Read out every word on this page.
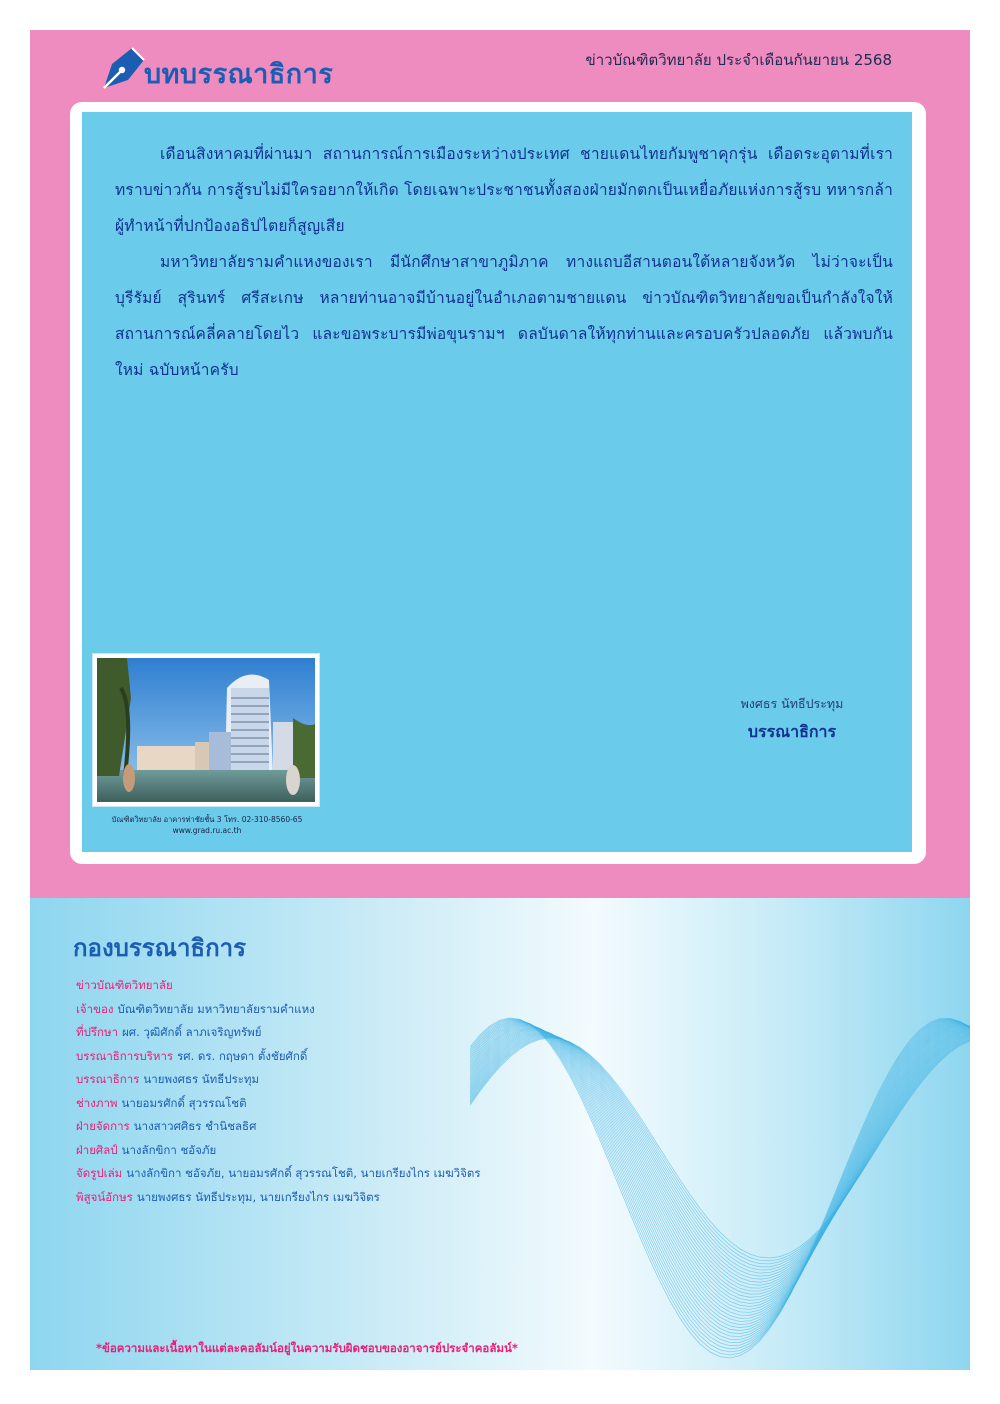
บทบรรณาธิการ	ข่าวบัณฑิตวิทยาลัย ประจำเดือนกันยายน 2568

เดือนสิงหาคมที่ผ่านมา สถานการณ์การเมืองระหว่างประเทศ ชายแดนไทยกัมพูชาคุกรุ่น เดือดระอุตามที่เราทราบข่าวกัน การสู้รบไม่มีใครอยากให้เกิด โดยเฉพาะประชาชนทั้งสองฝ่ายมักตกเป็นเหยื่อภัยแห่งการสู้รบ ทหารกล้าผู้ทำหน้าที่ปกป้องอธิปไตยก็สูญเสีย

มหาวิทยาลัยรามคำแหงของเรา มีนักศึกษาสาขาภูมิภาค ทางแถบอีสานตอนใต้หลายจังหวัด ไม่ว่าจะเป็นบุรีรัมย์ สุรินทร์ ศรีสะเกษ หลายท่านอาจมีบ้านอยู่ในอำเภอตามชายแดน ข่าวบัณฑิตวิทยาลัยขอเป็นกำลังใจให้สถานการณ์คลี่คลายโดยไว และขอพระบารมีพ่อขุนรามฯ ดลบันดาลให้ทุกท่านและครอบครัวปลอดภัย แล้วพบกันใหม่ ฉบับหน้าครับ

บัณฑิตวิทยาลัย อาคารท่าชัยชั้น 3 โทร. 02-310-8560-65
www.grad.ru.ac.th
พงศธร นัทธีประทุม
บรรณาธิการ
กองบรรณาธิการ
ข่าวบัณฑิตวิทยาลัย
เจ้าของ บัณฑิตวิทยาลัย มหาวิทยาลัยรามคำแหง
ที่ปรึกษา ผศ. วุฒิศักดิ์ ลาภเจริญทรัพย์
บรรณาธิการบริหาร รศ. ดร. กฤษดา ตั้งชัยศักดิ์
บรรณาธิการ นายพงศธร นัทธีประทุม
ช่างภาพ นายอมรศักดิ์ สุวรรณโชติ
ฝ่ายจัดการ นางสาวศศิธร ชำนิชลธิศ
ฝ่ายศิลป์ นางลักขิกา ชอัจภัย
จัดรูปเล่ม นางลักขิกา ชอัจภัย, นายอมรศักดิ์ สุวรรณโชติ, นายเกรียงไกร เมฆวิจิตร
พิสูจน์อักษร นายพงศธร นัทธีประทุม, นายเกรียงไกร เมฆวิจิตร
*ข้อความและเนื้อหาในแต่ละคอลัมน์อยู่ในความรับผิดชอบของอาจารย์ประจำคอลัมน์*
